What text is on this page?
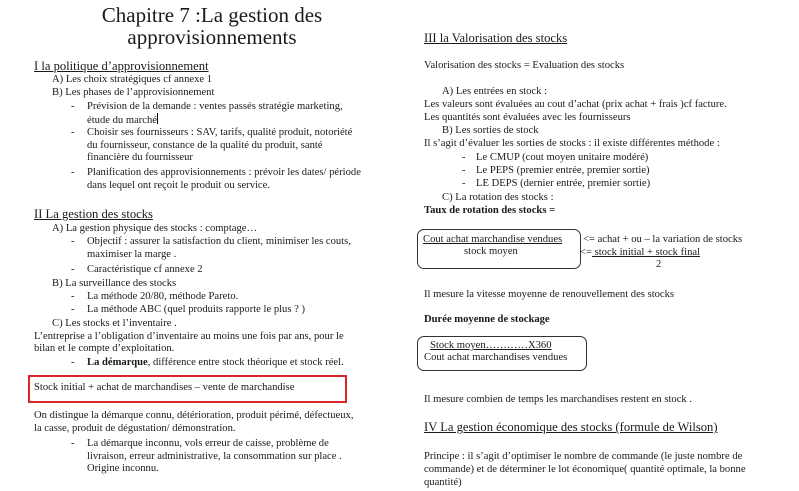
Chapitre 7 :La gestion des
approvisionnements
I la politique d’approvisionnement
A) Les choix stratégiques cf annexe 1
B) Les phases de l’approvisionnement
- Prévision de la demande : ventes passés stratégie marketing,
étude du marché
- Choisir ses fournisseurs : SAV, tarifs, qualité produit, notoriété
du fournisseur, constance de la qualité du produit, santé
financière du fournisseur
- Planification des approvisionnements : prévoir les dates/ période
dans lequel ont reçoit le produit ou service.
II La gestion des stocks
A) La gestion physique des stocks : comptage…
- Objectif : assurer la satisfaction du client, minimiser les couts,
maximiser la marge .
- Caractéristique cf annexe 2
B) La surveillance des stocks
- La méthode 20/80, méthode Pareto.
- La méthode ABC (quel produits rapporte le plus ? )
C) Les stocks et l’inventaire .
L’entreprise a l’obligation d’inventaire au moins une fois par ans, pour le
bilan et le compte d’exploitation.
- La démarque, différence entre stock théorique et stock réel.
Stock initial + achat de marchandises – vente de marchandise
On distingue la démarque connu, détérioration, produit périmé, défectueux,
la casse, produit de dégustation/ démonstration.
- La démarque inconnu, vols erreur de caisse, problème de
livraison, erreur administrative, la consommation sur place .
Origine inconnu.
III la Valorisation des stocks
Valorisation des stocks = Evaluation des stocks
A) Les entrées en stock :
Les valeurs sont évaluées au cout d’achat (prix achat + frais )cf facture.
Les quantités sont évaluées avec les fournisseurs
B) Les sorties de stock
Il s’agit d’évaluer les sorties de stocks : il existe différentes méthode :
- Le CMUP (cout moyen unitaire modéré)
- Le PEPS (premier entrée, premier sortie)
- LE DEPS (dernier entrée, premier sortie)
C) La rotation des stocks :
Taux de rotation des stocks =
Cout achat marchandise vendues
stock moyen
<= achat + ou – la variation de stocks
<= stock initial + stock final
2
Il mesure la vitesse moyenne de renouvellement des stocks
Durée moyenne de stockage
Stock moyen…………X360
Cout achat marchandises vendues
Il mesure combien de temps les marchandises restent en stock .
IV La gestion économique des stocks (formule de Wilson)
Principe : il s’agit d’optimiser le nombre de commande (le juste nombre de
commande) et de déterminer le lot économique( quantité optimale, la bonne
quantité)
